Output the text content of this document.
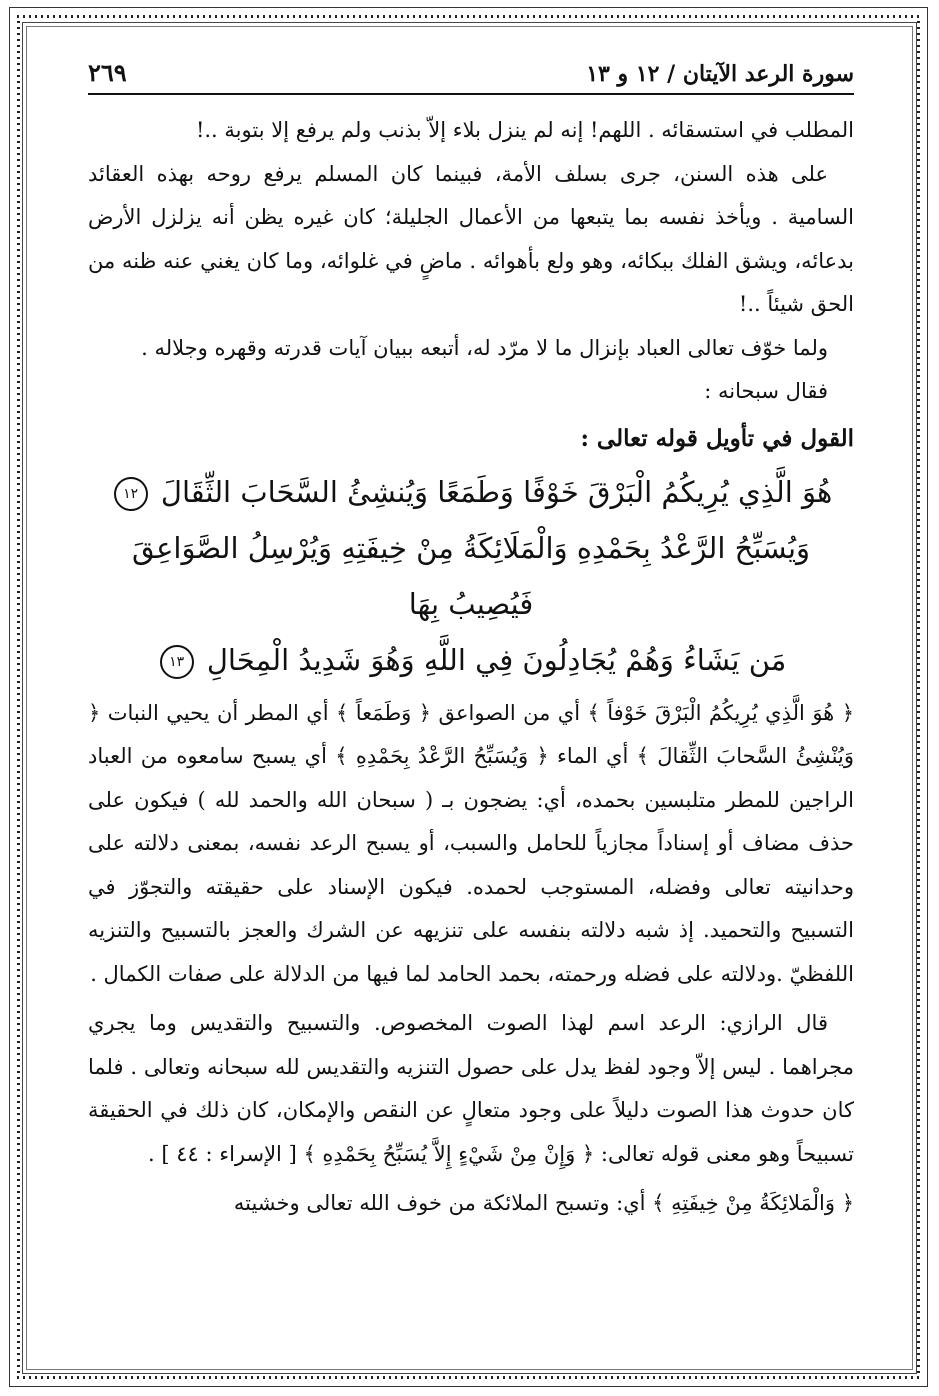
سورة الرعد الآيتان / ١٢ و ١٣
٢٦٩

المطلب في استسقائه . اللهم! إنه لم ينزل بلاء إلاّ بذنب ولم يرفع إلا بتوبة ..!

على هذه السنن، جرى بسلف الأمة، فبينما كان المسلم يرفع روحه بهذه العقائد السامية . ويأخذ نفسه بما يتبعها من الأعمال الجليلة؛ كان غيره يظن أنه يزلزل الأرض بدعائه، ويشق الفلك ببكائه، وهو ولع بأهوائه . ماضٍ في غلوائه، وما كان يغني عنه ظنه من الحق شيئاً ..!

ولما خوّف تعالى العباد بإنزال ما لا مرّد له، أتبعه ببيان آيات قدرته وقهره وجلاله .

فقال سبحانه :

القول في تأويل قوله تعالى :
هُوَ الَّذِي يُرِيكُمُ الْبَرْقَ خَوْفًا وَطَمَعًا وَيُنشِئُ السَّحَابَ الثِّقَالَ ١٢
وَيُسَبِّحُ الرَّعْدُ بِحَمْدِهِ وَالْمَلَائِكَةُ مِنْ خِيفَتِهِ وَيُرْسِلُ الصَّوَاعِقَ فَيُصِيبُ بِهَا
مَن يَشَاءُ وَهُمْ يُجَادِلُونَ فِي اللَّهِ وَهُوَ شَدِيدُ الْمِحَالِ ١٣

﴿ هُوَ الَّذِي يُرِيكُمُ الْبَرْقَ خَوْفاً ﴾ أي من الصواعق ﴿ وَطَمَعاً ﴾ أي المطر أن يحيي النبات ﴿ وَيُنْشِئُ السَّحابَ الثِّقالَ ﴾ أي الماء ﴿ وَيُسَبِّحُ الرَّعْدُ بِحَمْدِهِ ﴾ أي يسبح سامعوه من العباد الراجين للمطر متلبسين بحمده، أي: يضجون بـ ( سبحان الله والحمد لله ) فيكون على حذف مضاف أو إسناداً مجازياً للحامل والسبب، أو يسبح الرعد نفسه، بمعنى دلالته على وحدانيته تعالى وفضله، المستوجب لحمده. فيكون الإسناد على حقيقته والتجوّز في التسبيح والتحميد. إذ شبه دلالته بنفسه على تنزيهه عن الشرك والعجز بالتسبيح والتنزيه اللفظيّ .ودلالته على فضله ورحمته، بحمد الحامد لما فيها من الدلالة على صفات الكمال .

قال الرازي: الرعد اسم لهذا الصوت المخصوص. والتسبيح والتقديس وما يجري مجراهما . ليس إلاّ وجود لفظ يدل على حصول التنزيه والتقديس لله سبحانه وتعالى . فلما كان حدوث هذا الصوت دليلاً على وجود متعالٍ عن النقص والإمكان، كان ذلك في الحقيقة تسبيحاً وهو معنى قوله تعالى: ﴿ وَإِنْ مِنْ شَيْءٍ إِلاَّ يُسَبِّحُ بِحَمْدِهِ ﴾ [ الإسراء : ٤٤ ] .

﴿ وَالْمَلائِكَةُ مِنْ خِيفَتِهِ ﴾ أي: وتسبح الملائكة من خوف الله تعالى وخشيته
